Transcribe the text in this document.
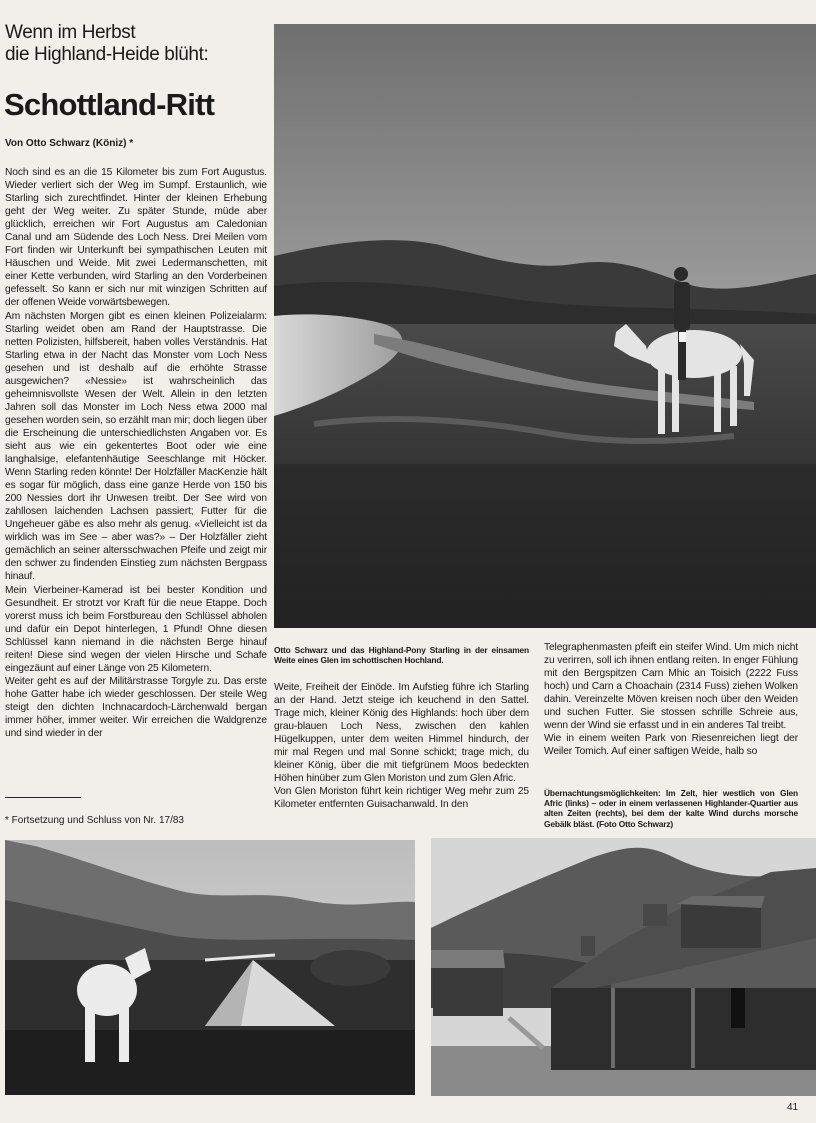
Wenn im Herbst
die Highland-Heide blüht:
Schottland-Ritt
Von Otto Schwarz (Köniz) *

Noch sind es an die 15 Kilometer bis zum Fort Augustus. Wieder verliert sich der Weg im Sumpf. Erstaunlich, wie Starling sich zurechtfindet. Hinter der kleinen Erhebung geht der Weg weiter. Zu später Stunde, müde aber glücklich, erreichen wir Fort Augustus am Caledonian Canal und am Südende des Loch Ness. Drei Meilen vom Fort finden wir Unterkunft bei sympathischen Leuten mit Häuschen und Weide. Mit zwei Ledermanschetten, mit einer Kette verbunden, wird Starling an den Vorderbeinen gefesselt. So kann er sich nur mit winzigen Schritten auf der offenen Weide vorwärtsbewegen.

Am nächsten Morgen gibt es einen kleinen Polizeialarm: Starling weidet oben am Rand der Hauptstrasse. Die netten Polizisten, hilfsbereit, haben volles Verständnis. Hat Starling etwa in der Nacht das Monster vom Loch Ness gesehen und ist deshalb auf die erhöhte Strasse ausgewichen? «Nessie» ist wahrscheinlich das geheimnisvollste Wesen der Welt. Allein in den letzten Jahren soll das Monster im Loch Ness etwa 2000 mal gesehen worden sein, so erzählt man mir; doch liegen über die Erscheinung die unterschiedlichsten Angaben vor. Es sieht aus wie ein gekentertes Boot oder wie eine langhalsige, elefantenhäutige Seeschlange mit Höcker. Wenn Starling reden könnte! Der Holzfäller MacKenzie hält es sogar für möglich, dass eine ganze Herde von 150 bis 200 Nessies dort ihr Unwesen treibt. Der See wird von zahllosen laichenden Lachsen passiert; Futter für die Ungeheuer gäbe es also mehr als genug. «Vielleicht ist da wirklich was im See – aber was?» – Der Holzfäller zieht gemächlich an seiner altersschwachen Pfeife und zeigt mir den schwer zu findenden Einstieg zum nächsten Bergpass hinauf.

Mein Vierbeiner-Kamerad ist bei bester Kondition und Gesundheit. Er strotzt vor Kraft für die neue Etappe. Doch vorerst muss ich beim Forstbureau den Schlüssel abholen und dafür ein Depot hinterlegen, 1 Pfund! Ohne diesen Schlüssel kann niemand in die nächsten Berge hinauf reiten! Diese sind wegen der vielen Hirsche und Schafe eingezäunt auf einer Länge von 25 Kilometern.

Weiter geht es auf der Militärstrasse Torgyle zu. Das erste hohe Gatter habe ich wieder geschlossen. Der steile Weg steigt den dichten Inchnacardoch-Lärchenwald bergan immer höher, immer weiter. Wir erreichen die Waldgrenze und sind wieder in der

* Fortsetzung und Schluss von Nr. 17/83
Otto Schwarz und das Highland-Pony Starling in der einsamen Weite eines Glen im schottischen Hochland.

Weite, Freiheit der Einöde. Im Aufstieg führe ich Starling an der Hand. Jetzt steige ich keuchend in den Sattel. Trage mich, kleiner König des Highlands: hoch über dem grau-blauen Loch Ness, zwischen den kahlen Hügelkuppen, unter dem weiten Himmel hindurch, der mir mal Regen und mal Sonne schickt; trage mich, du kleiner König, über die mit tiefgrünem Moos bedeckten Höhen hinüber zum Glen Moriston und zum Glen Afric.

Von Glen Moriston führt kein richtiger Weg mehr zum 25 Kilometer entfernten Guisachanwald. In den

Telegraphenmasten pfeift ein steifer Wind. Um mich nicht zu verirren, soll ich ihnen entlang reiten. In enger Fühlung mit den Bergspitzen Carn Mhic an Toisich (2222 Fuss hoch) und Carn a Choachain (2314 Fuss) ziehen Wolken dahin. Vereinzelte Möven kreisen noch über den Weiden und suchen Futter. Sie stossen schrille Schreie aus, wenn der Wind sie erfasst und in ein anderes Tal treibt.

Wie in einem weiten Park von Riesenreichen liegt der Weiler Tomich. Auf einer saftigen Weide, halb so

Übernachtungsmöglichkeiten: Im Zelt, hier westlich von Glen Afric (links) – oder in einem verlassenen Highlander-Quartier aus alten Zeiten (rechts), bei dem der kalte Wind durchs morsche Gebälk bläst. (Foto Otto Schwarz)
41
